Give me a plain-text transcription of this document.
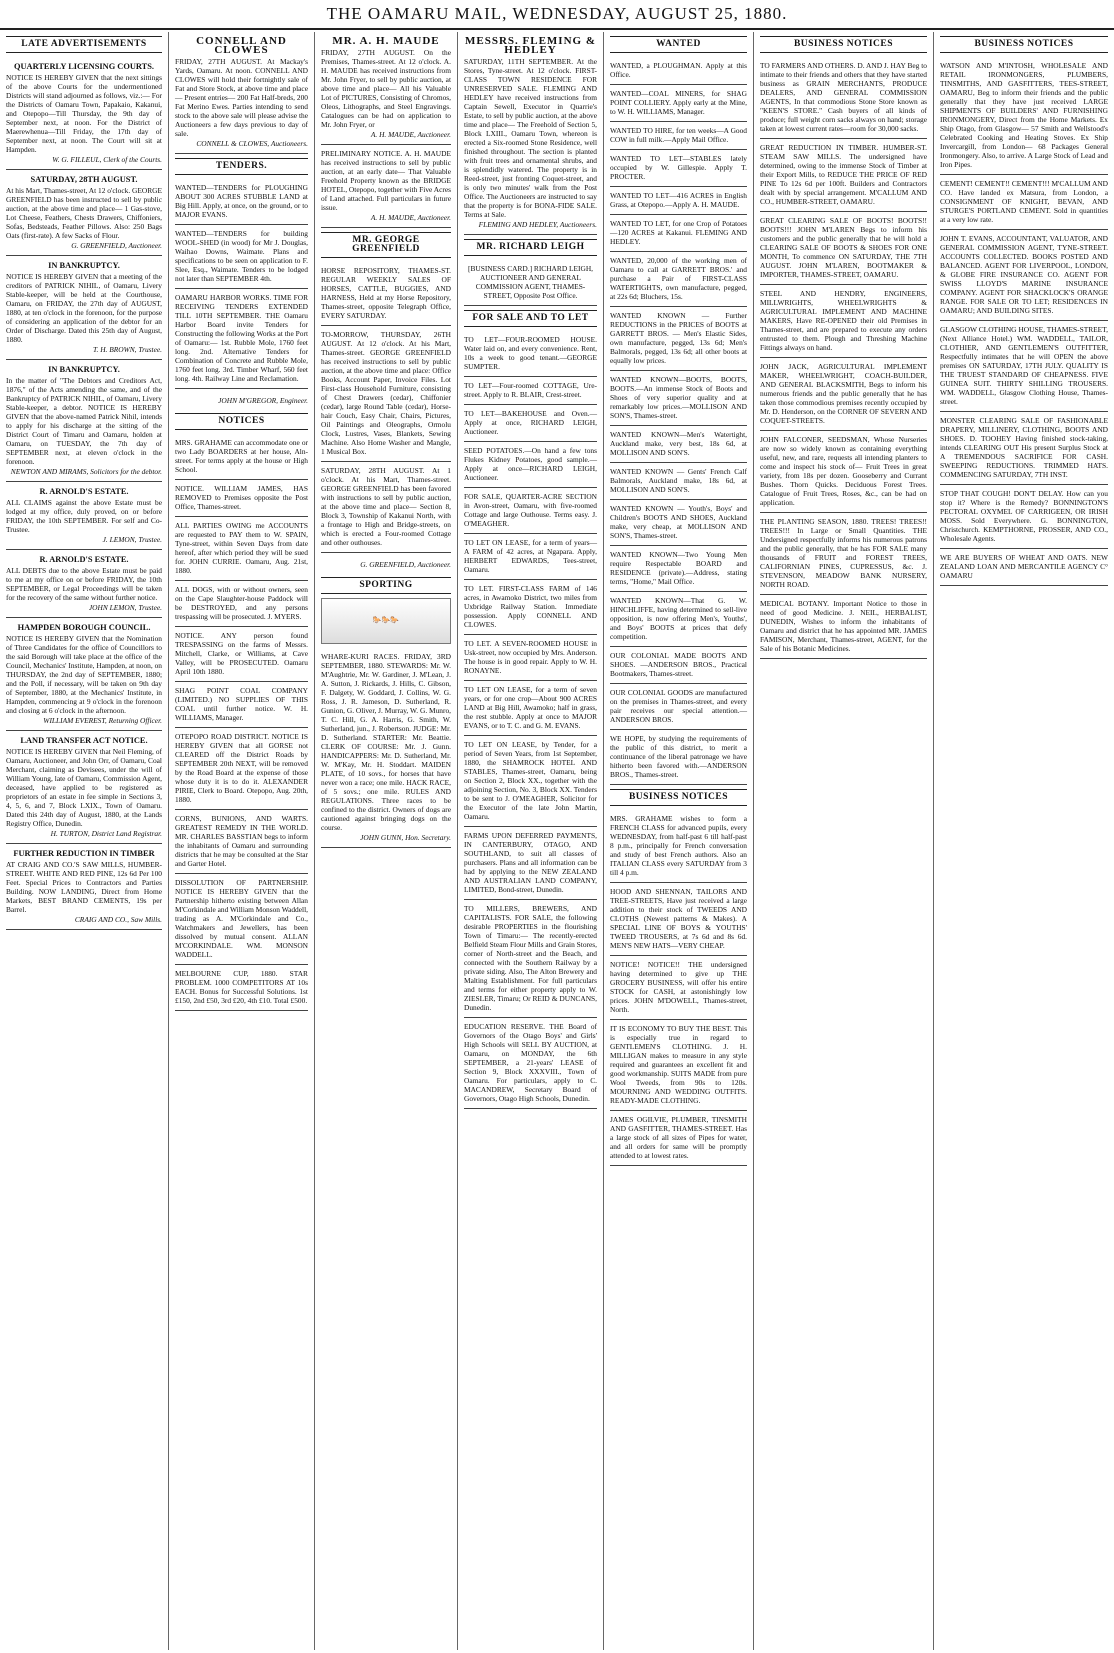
THE OAMARU MAIL, WEDNESDAY, AUGUST 25, 1880.
LATE ADVERTISEMENTS
QUARTERLY LICENSING COURTS.

NOTICE IS HEREBY GIVEN that the next sittings of the above Courts for the undermentioned Districts will stand adjourned as follows, viz.:— For the Districts of Oamaru Town, Papakaio, Kakanui, and Otepopo—Till Thursday, the 9th day of September next, at noon. For the District of Maerewhenua—Till Friday, the 17th day of September next, at noon. The Court will sit at Hampden.

W. G. FILLEUL, Clerk of the Courts.

SATURDAY, 28TH AUGUST.

At his Mart, Thames-street, At 12 o'clock. GEORGE GREENFIELD has been instructed to sell by public auction, at the above time and place— 1 Gas-stove, Lot Cheese, Feathers, Chests Drawers, Chiffoniers, Sofas, Bedsteads, Feather Pillows. Also: 250 Bags Oats (first-rate). A few Sacks of Flour.

G. GREENFIELD, Auctioneer.

IN BANKRUPTCY.

NOTICE IS HEREBY GIVEN that a meeting of the creditors of PATRICK NIHIL, of Oamaru, Livery Stable-keeper, will be held at the Courthouse, Oamaru, on FRIDAY, the 27th day of AUGUST, 1880, at ten o'clock in the forenoon, for the purpose of considering an application of the debtor for an Order of Discharge. Dated this 25th day of August, 1880.

T. H. BROWN, Trustee.

IN BANKRUPTCY.

In the matter of "The Debtors and Creditors Act, 1876," of the Acts amending the same, and of the Bankruptcy of PATRICK NIHIL, of Oamaru, Livery Stable-keeper, a debtor. NOTICE IS HEREBY GIVEN that the above-named Patrick Nihil, intends to apply for his discharge at the sitting of the District Court of Timaru and Oamaru, holden at Oamaru, on TUESDAY, the 7th day of SEPTEMBER next, at eleven o'clock in the forenoon.

NEWTON AND MIRAMS, Solicitors for the debtor.

R. ARNOLD'S ESTATE.

ALL CLAIMS against the above Estate must be lodged at my office, duly proved, on or before FRIDAY, the 10th SEPTEMBER. For self and Co-Trustee.

J. LEMON, Trustee.

R. ARNOLD'S ESTATE.

ALL DEBTS due to the above Estate must be paid to me at my office on or before FRIDAY, the 10th SEPTEMBER, or Legal Proceedings will be taken for the recovery of the same without further notice.

JOHN LEMON, Trustee.

HAMPDEN BOROUGH COUNCIL.

NOTICE IS HEREBY GIVEN that the Nomination of Three Candidates for the office of Councillors to the said Borough will take place at the office of the Council, Mechanics' Institute, Hampden, at noon, on THURSDAY, the 2nd day of SEPTEMBER, 1880; and the Poll, if necessary, will be taken on 9th day of September, 1880, at the Mechanics' Institute, in Hampden, commencing at 9 o'clock in the forenoon and closing at 6 o'clock in the afternoon.

WILLIAM EVEREST, Returning Officer.

LAND TRANSFER ACT NOTICE.

NOTICE IS HEREBY GIVEN that Neil Fleming, of Oamaru, Auctioneer, and John Orr, of Oamaru, Coal Merchant, claiming as Devisees, under the will of William Young, late of Oamaru, Commission Agent, deceased, have applied to be registered as proprietors of an estate in fee simple in Sections 3, 4, 5, 6, and 7, Block LXIX., Town of Oamaru. Dated this 24th day of August, 1880, at the Lands Registry Office, Dunedin.

H. TURTON, District Land Registrar.

FURTHER REDUCTION IN TIMBER

AT CRAIG AND CO.'S SAW MILLS, HUMBER-STREET. WHITE AND RED PINE, 12s 6d Per 100 Feet. Special Prices to Contractors and Parties Building. NOW LANDING, Direct from Home Markets, BEST BRAND CEMENTS, 19s per Barrel.

CRAIG AND CO., Saw Mills.

CONNELL AND CLOWES

FRIDAY, 27TH AUGUST. At Mackay's Yards, Oamaru. At noon. CONNELL AND CLOWES will hold their fortnightly sale of Fat and Store Stock, at above time and place— Present entries— 200 Fat Half-breds, 200 Fat Merino Ewes. Parties intending to send stock to the above sale will please advise the Auctioneers a few days previous to day of sale.

CONNELL & CLOWES, Auctioneers.

TENDERS.

WANTED—TENDERS for PLOUGHING ABOUT 300 ACRES STUBBLE LAND at Big Hill. Apply, at once, on the ground, or to MAJOR EVANS.

WANTED—TENDERS for building WOOL-SHED (in wood) for Mr J. Douglas, Waihao Downs, Waimate. Plans and specifications to be seen on application to F. Slee, Esq., Waimate. Tenders to be lodged not later than SEPTEMBER 4th.

OAMARU HARBOR WORKS. TIME FOR RECEIVING TENDERS EXTENDED TILL 10TH SEPTEMBER. THE Oamaru Harbor Board invite Tenders for Constructing the following Works at the Port of Oamaru:— 1st. Rubble Mole, 1760 feet long. 2nd. Alternative Tenders for Combination of Concrete and Rubble Mole, 1760 feet long. 3rd. Timber Wharf, 560 feet long. 4th. Railway Line and Reclamation.

JOHN M'GREGOR, Engineer.

NOTICES

MRS. GRAHAME can accommodate one or two Lady BOARDERS at her house, Aln-street. For terms apply at the house or High School.

NOTICE. WILLIAM JAMES, HAS REMOVED to Premises opposite the Post Office, Thames-street.

ALL PARTIES OWING me ACCOUNTS are requested to PAY them to W. SPAIN, Tyne-street, within Seven Days from date hereof, after which period they will be sued for. JOHN CURRIE. Oamaru, Aug. 21st, 1880.

ALL DOGS, with or without owners, seen on the Cape Slaughter-house Paddock will be DESTROYED, and any persons trespassing will be prosecuted. J. MYERS.

NOTICE. ANY person found TRESPASSING on the farms of Messrs. Mitchell, Clarke, or Williams, at Cave Valley, will be PROSECUTED. Oamaru April 10th 1880.

SHAG POINT COAL COMPANY (LIMITED.) NO SUPPLIES OF THIS COAL until further notice. W. H. WILLIAMS, Manager.

OTEPOPO ROAD DISTRICT. NOTICE IS HEREBY GIVEN that all GORSE not CLEARED off the District Roads by SEPTEMBER 20th NEXT, will be removed by the Road Board at the expense of those whose duty it is to do it. ALEXANDER PIRIE, Clerk to Board. Otepopo, Aug. 20th, 1880.

CORNS, BUNIONS, AND WARTS. GREATEST REMEDY IN THE WORLD. MR. CHARLES BASSTIAN begs to inform the inhabitants of Oamaru and surrounding districts that he may be consulted at the Star and Garter Hotel.

DISSOLUTION OF PARTNERSHIP. NOTICE IS HEREBY GIVEN that the Partnership hitherto existing between Allan M'Corkindale and William Monson Waddell, trading as A. M'Corkindale and Co., Watchmakers and Jewellers, has been dissolved by mutual consent. ALLAN M'CORKINDALE. WM. MONSON WADDELL.

MELBOURNE CUP, 1880. STAR PROBLEM. 1000 COMPETITORS AT 10s EACH. Bonus for Successful Solutions. 1st £150, 2nd £50, 3rd £20, 4th £10. Total £500.

MR. A. H. MAUDE

FRIDAY, 27TH AUGUST. On the Premises, Thames-street. At 12 o'clock. A. H. MAUDE has received instructions from Mr. John Fryer, to sell by public auction, at above time and place— All his Valuable Lot of PICTURES, Consisting of Chromos, Oleos, Lithographs, and Steel Engravings. Catalogues can be had on application to Mr. John Fryer, or

A. H. MAUDE, Auctioneer.

PRELIMINARY NOTICE. A. H. MAUDE has received instructions to sell by public auction, at an early date— That Valuable Freehold Property known as the BRIDGE HOTEL, Otepopo, together with Five Acres of Land attached. Full particulars in future issue.

A. H. MAUDE, Auctioneer.

MR. GEORGE GREENFIELD

HORSE REPOSITORY, THAMES-ST. REGULAR WEEKLY SALES OF HORSES, CATTLE, BUGGIES, AND HARNESS, Held at my Horse Repository, Thames-street, opposite Telegraph Office, EVERY SATURDAY.

TO-MORROW, THURSDAY, 26TH AUGUST. At 12 o'clock. At his Mart, Thames-street. GEORGE GREENFIELD has received instructions to sell by public auction, at the above time and place: Office Books, Account Paper, Invoice Files. Lot First-class Household Furniture, consisting of Chest Drawers (cedar), Chiffonier (cedar), large Round Table (cedar), Horse-hair Couch, Easy Chair, Chairs, Pictures, Oil Paintings and Oleographs, Ormolu Clock, Lustres, Vases, Blankets, Sewing Machine. Also Home Washer and Mangle, 1 Musical Box.

SATURDAY, 28TH AUGUST. At 1 o'clock. At his Mart, Thames-street. GEORGE GREENFIELD has been favored with instructions to sell by public auction, at the above time and place— Section 8, Block 3, Township of Kakanui North, with a frontage to High and Bridge-streets, on which is erected a Four-roomed Cottage and other outhouses.

G. GREENFIELD, Auctioneer.

SPORTING
🐎🐎🐎

WHARE-KURI RACES. FRIDAY, 3RD SEPTEMBER, 1880. STEWARDS: Mr. W. M'Aughtrie, Mr. W. Gardiner, J. M'Lean, J. A. Sutton, J. Rickards, J. Hills, C. Gibson, F. Dalgety, W. Goddard, J. Collins, W. G. Ross, J. R. Jameson, D. Sutherland, R. Gunion, G. Oliver, J. Murray, W. G. Munro, T. C. Hill, G. A. Harris, G. Smith, W. Sutherland, jun., J. Robertson. JUDGE: Mr. D. Sutherland. STARTER: Mr. Beattie. CLERK OF COURSE: Mr. J. Gunn. HANDICAPPERS: Mr. D. Sutherland, Mr. W. M'Kay, Mr. H. Stoddart. MAIDEN PLATE, of 10 sovs., for horses that have never won a race; one mile. HACK RACE, of 5 sovs.; one mile. RULES AND REGULATIONS. Three races to be confined to the district. Owners of dogs are cautioned against bringing dogs on the course.

JOHN GUNN, Hon. Secretary.

MESSRS. FLEMING & HEDLEY

SATURDAY, 11TH SEPTEMBER. At the Stores, Tyne-street. At 12 o'clock. FIRST-CLASS TOWN RESIDENCE FOR UNRESERVED SALE. FLEMING AND HEDLEY have received instructions from Captain Sewell, Executor in Quarrie's Estate, to sell by public auction, at the above time and place— The Freehold of Section 5, Block LXIII., Oamaru Town, whereon is erected a Six-roomed Stone Residence, well finished throughout. The section is planted with fruit trees and ornamental shrubs, and is splendidly watered. The property is in Reed-street, just fronting Coquet-street, and is only two minutes' walk from the Post Office. The Auctioneers are instructed to say that the property is for BONA-FIDE SALE. Terms at Sale.

FLEMING AND HEDLEY, Auctioneers.

MR. RICHARD LEIGH

[BUSINESS CARD.] RICHARD LEIGH, AUCTIONEER AND GENERAL COMMISSION AGENT, THAMES-STREET, Opposite Post Office.

FOR SALE AND TO LET

TO LET—FOUR-ROOMED HOUSE. Water laid on, and every convenience. Rent, 10s a week to good tenant.—GEORGE SUMPTER.

TO LET—Four-roomed COTTAGE, Ure-street. Apply to R. BLAIR, Crest-street.

TO LET—BAKEHOUSE and Oven.—Apply at once, RICHARD LEIGH, Auctioneer.

SEED POTATOES.—On hand a few tons Flukes Kidney Potatoes, good sample.—Apply at once—RICHARD LEIGH, Auctioneer.

FOR SALE, QUARTER-ACRE SECTION in Avon-street, Oamaru, with five-roomed Cottage and large Outhouse. Terms easy. J. O'MEAGHER.

TO LET ON LEASE, for a term of years— A FARM of 42 acres, at Ngapara. Apply, HERBERT EDWARDS, Tees-street, Oamaru.

TO LET. FIRST-CLASS FARM of 146 acres, in Awamoko District, two miles from Uxbridge Railway Station. Immediate possession. Apply CONNELL AND CLOWES.

TO LET. A SEVEN-ROOMED HOUSE in Usk-street, now occupied by Mrs. Anderson. The house is in good repair. Apply to W. H. RONAYNE.

TO LET ON LEASE, for a term of seven years, or for one crop—About 900 ACRES LAND at Big Hill, Awamoko; half in grass, the rest stubble. Apply at once to MAJOR EVANS, or to T. C. and G. M. EVANS.

TO LET ON LEASE, by Tender, for a period of Seven Years, from 1st September, 1880, the SHAMROCK HOTEL AND STABLES, Thames-street, Oamaru, being on Section 2, Block XX., together with the adjoining Section, No. 3, Block XX. Tenders to be sent to J. O'MEAGHER, Solicitor for the Executor of the late John Martin, Oamaru.

FARMS UPON DEFERRED PAYMENTS, IN CANTERBURY, OTAGO, AND SOUTHLAND, to suit all classes of purchasers. Plans and all information can be had by applying to the NEW ZEALAND AND AUSTRALIAN LAND COMPANY, LIMITED, Bond-street, Dunedin.

TO MILLERS, BREWERS, AND CAPITALISTS. FOR SALE, the following desirable PROPERTIES in the flourishing Town of Timaru:— The recently-erected Belfield Steam Flour Mills and Grain Stores, corner of North-street and the Beach, and connected with the Southern Railway by a private siding. Also, The Alton Brewery and Malting Establishment. For full particulars and terms for either property apply to W. ZIESLER, Timaru; Or REID & DUNCANS, Dunedin.

EDUCATION RESERVE. THE Board of Governors of the Otago Boys' and Girls' High Schools will SELL BY AUCTION, at Oamaru, on MONDAY, the 6th SEPTEMBER, a 21-years' LEASE of Section 9, Block XXXVIII., Town of Oamaru. For particulars, apply to C. MACANDREW, Secretary Board of Governors, Otago High Schools, Dunedin.

WANTED

WANTED, a PLOUGHMAN. Apply at this Office.

WANTED—COAL MINERS, for SHAG POINT COLLIERY. Apply early at the Mine, to W. H. WILLIAMS, Manager.

WANTED TO HIRE, for ten weeks—A Good COW in full milk.—Apply Mail Office.

WANTED TO LET—STABLES lately occupied by W. Gillespie. Apply T. PROCTER.

WANTED TO LET—416 ACRES in English Grass, at Otepopo.—Apply A. H. MAUDE.

WANTED TO LET, for one Crop of Potatoes—120 ACRES at Kakanui. FLEMING AND HEDLEY.

WANTED, 20,000 of the working men of Oamaru to call at GARRETT BROS.' and purchase a Pair of FIRST-CLASS WATERTIGHTS, own manufacture, pegged, at 22s 6d; Bluchers, 15s.

WANTED KNOWN — Further REDUCTIONS in the PRICES of BOOTS at GARRETT BROS. — Men's Elastic Sides, own manufacture, pegged, 13s 6d; Men's Balmorals, pegged, 13s 6d; all other boots at equally low prices.

WANTED KNOWN—BOOTS, BOOTS, BOOTS.—An immense Stock of Boots and Shoes of very superior quality and at remarkably low prices.—MOLLISON AND SON'S, Thames-street.

WANTED KNOWN—Men's Watertight, Auckland make, very best, 18s 6d, at MOLLISON AND SON'S.

WANTED KNOWN — Gents' French Calf Balmorals, Auckland make, 18s 6d, at MOLLISON AND SON'S.

WANTED KNOWN — Youth's, Boys' and Children's BOOTS AND SHOES, Auckland make, very cheap, at MOLLISON AND SON'S, Thames-street.

WANTED KNOWN—Two Young Men require Respectable BOARD and RESIDENCE (private).—Address, stating terms, "Home," Mail Office.

WANTED KNOWN—That G. W. HINCHLIFFE, having determined to sell-live opposition, is now offering Men's, Youths', and Boys' BOOTS at prices that defy competition.

OUR COLONIAL MADE BOOTS AND SHOES. —ANDERSON BROS., Practical Bootmakers, Thames-street.

OUR COLONIAL GOODS are manufactured on the premises in Thames-street, and every pair receives our special attention.—ANDERSON BROS.

WE HOPE, by studying the requirements of the public of this district, to merit a continuance of the liberal patronage we have hitherto been favored with.—ANDERSON BROS., Thames-street.

BUSINESS NOTICES

MRS. GRAHAME wishes to form a FRENCH CLASS for advanced pupils, every WEDNESDAY, from half-past 6 till half-past 8 p.m., principally for French conversation and study of best French authors. Also an ITALIAN CLASS every SATURDAY from 3 till 4 p.m.

HOOD AND SHENNAN, TAILORS AND TREE-STREETS, Have just received a large addition to their stock of TWEEDS AND CLOTHS (Newest patterns & Makes). A SPECIAL LINE OF BOYS & YOUTHS' TWEED TROUSERS, at 7s 6d and 8s 6d. MEN'S NEW HATS—VERY CHEAP.

NOTICE! NOTICE!! THE undersigned having determined to give up THE GROCERY BUSINESS, will offer his entire STOCK for CASH, at astonishingly low prices. JOHN M'DOWELL, Thames-street, North.

IT IS ECONOMY TO BUY THE BEST. This is especially true in regard to GENTLEMEN'S CLOTHING. J. H. MILLIGAN makes to measure in any style required and guarantees an excellent fit and good workmanship. SUITS MADE from pure Wool Tweeds, from 90s to 120s. MOURNING AND WEDDING OUTFITS. READY-MADE CLOTHING.

JAMES OGILVIE, PLUMBER, TINSMITH AND GASFITTER, THAMES-STREET. Has a large stock of all sizes of Pipes for water, and all orders for same will be promptly attended to at lowest rates.

BUSINESS NOTICES

TO FARMERS AND OTHERS. D. AND J. HAY Beg to intimate to their friends and others that they have started business as GRAIN MERCHANTS, PRODUCE DEALERS, AND GENERAL COMMISSION AGENTS, In that commodious Stone Store known as "KEEN'S STORE." Cash buyers of all kinds of produce; full weight corn sacks always on hand; storage taken at lowest current rates—room for 30,000 sacks.

GREAT REDUCTION IN TIMBER. HUMBER-ST. STEAM SAW MILLS. The undersigned have determined, owing to the immense Stock of Timber at their Export Mills, to REDUCE THE PRICE OF RED PINE To 12s 6d per 100ft. Builders and Contractors dealt with by special arrangement. M'CALLUM AND CO., HUMBER-STREET, OAMARU.

GREAT CLEARING SALE OF BOOTS! BOOTS!! BOOTS!!! JOHN M'LAREN Begs to inform his customers and the public generally that he will hold a CLEARING SALE OF BOOTS & SHOES FOR ONE MONTH, To commence ON SATURDAY, THE 7TH AUGUST. JOHN M'LAREN, BOOTMAKER & IMPORTER, THAMES-STREET, OAMARU.

STEEL AND HENDRY, ENGINEERS, MILLWRIGHTS, WHEELWRIGHTS & AGRICULTURAL IMPLEMENT AND MACHINE MAKERS, Have RE-OPENED their old Premises in Thames-street, and are prepared to execute any orders entrusted to them. Plough and Threshing Machine Fittings always on hand.

JOHN JACK, AGRICULTURAL IMPLEMENT MAKER, WHEELWRIGHT, COACH-BUILDER, AND GENERAL BLACKSMITH, Begs to inform his numerous friends and the public generally that he has taken those commodious premises recently occupied by Mr. D. Henderson, on the CORNER OF SEVERN AND COQUET-STREETS.

JOHN FALCONER, SEEDSMAN, Whose Nurseries are now so widely known as containing everything useful, new, and rare, requests all intending planters to come and inspect his stock of— Fruit Trees in great variety, from 18s per dozen. Gooseberry and Currant Bushes. Thorn Quicks. Deciduous Forest Trees. Catalogue of Fruit Trees, Roses, &c., can be had on application.

THE PLANTING SEASON, 1880. TREES! TREES!! TREES!!! In Large or Small Quantities. THE Undersigned respectfully informs his numerous patrons and the public generally, that he has FOR SALE many thousands of FRUIT and FOREST TREES, CALIFORNIAN PINES, CUPRESSUS, &c. J. STEVENSON, MEADOW BANK NURSERY, NORTH ROAD.

MEDICAL BOTANY. Important Notice to those in need of good Medicine. J. NEIL, HERBALIST, DUNEDIN, Wishes to inform the inhabitants of Oamaru and district that he has appointed MR. JAMES FAMISON, Merchant, Thames-street, AGENT, for the Sale of his Botanic Medicines.

BUSINESS NOTICES

WATSON AND M'INTOSH, WHOLESALE AND RETAIL IRONMONGERS, PLUMBERS, TINSMITHS, AND GASFITTERS, TEES-STREET, OAMARU, Beg to inform their friends and the public generally that they have just received LARGE SHIPMENTS OF BUILDERS' AND FURNISHING IRONMONGERY, Direct from the Home Markets. Ex Ship Otago, from Glasgow— 57 Smith and Wellstood's Celebrated Cooking and Heating Stoves. Ex Ship Invercargill, from London— 68 Packages General Ironmongery. Also, to arrive. A Large Stock of Lead and Iron Pipes.

CEMENT! CEMENT!! CEMENT!!! M'CALLUM AND CO. Have landed ex Matsura, from London, a CONSIGNMENT OF KNIGHT, BEVAN, AND STURGE'S PORTLAND CEMENT. Sold in quantities at a very low rate.

JOHN T. EVANS, ACCOUNTANT, VALUATOR, AND GENERAL COMMISSION AGENT, TYNE-STREET. ACCOUNTS COLLECTED. BOOKS POSTED AND BALANCED. AGENT FOR LIVERPOOL, LONDON, & GLOBE FIRE INSURANCE CO. AGENT FOR SWISS LLOYD'S MARINE INSURANCE COMPANY. AGENT FOR SHACKLOCK'S ORANGE RANGE. FOR SALE OR TO LET; RESIDENCES IN OAMARU; AND BUILDING SITES.

GLASGOW CLOTHING HOUSE, THAMES-STREET, (Next Alliance Hotel.) WM. WADDELL, TAILOR, CLOTHIER, AND GENTLEMEN'S OUTFITTER, Respectfully intimates that he will OPEN the above premises ON SATURDAY, 17TH JULY. QUALITY IS THE TRUEST STANDARD OF CHEAPNESS. FIVE GUINEA SUIT. THIRTY SHILLING TROUSERS. WM. WADDELL, Glasgow Clothing House, Thames-street.

MONSTER CLEARING SALE OF FASHIONABLE DRAPERY, MILLINERY, CLOTHING, BOOTS AND SHOES. D. TOOHEY Having finished stock-taking, intends CLEARING OUT His present Surplus Stock at A TREMENDOUS SACRIFICE FOR CASH. SWEEPING REDUCTIONS. TRIMMED HATS. COMMENCING SATURDAY, 7TH INST.

STOP THAT COUGH! DON'T DELAY. How can you stop it? Where is the Remedy? BONNINGTON'S PECTORAL OXYMEL OF CARRIGEEN, OR IRISH MOSS. Sold Everywhere. G. BONNINGTON, Christchurch. KEMPTHORNE, PROSSER, AND CO., Wholesale Agents.

WE ARE BUYERS OF WHEAT AND OATS. NEW ZEALAND LOAN AND MERCANTILE AGENCY C° OAMARU
